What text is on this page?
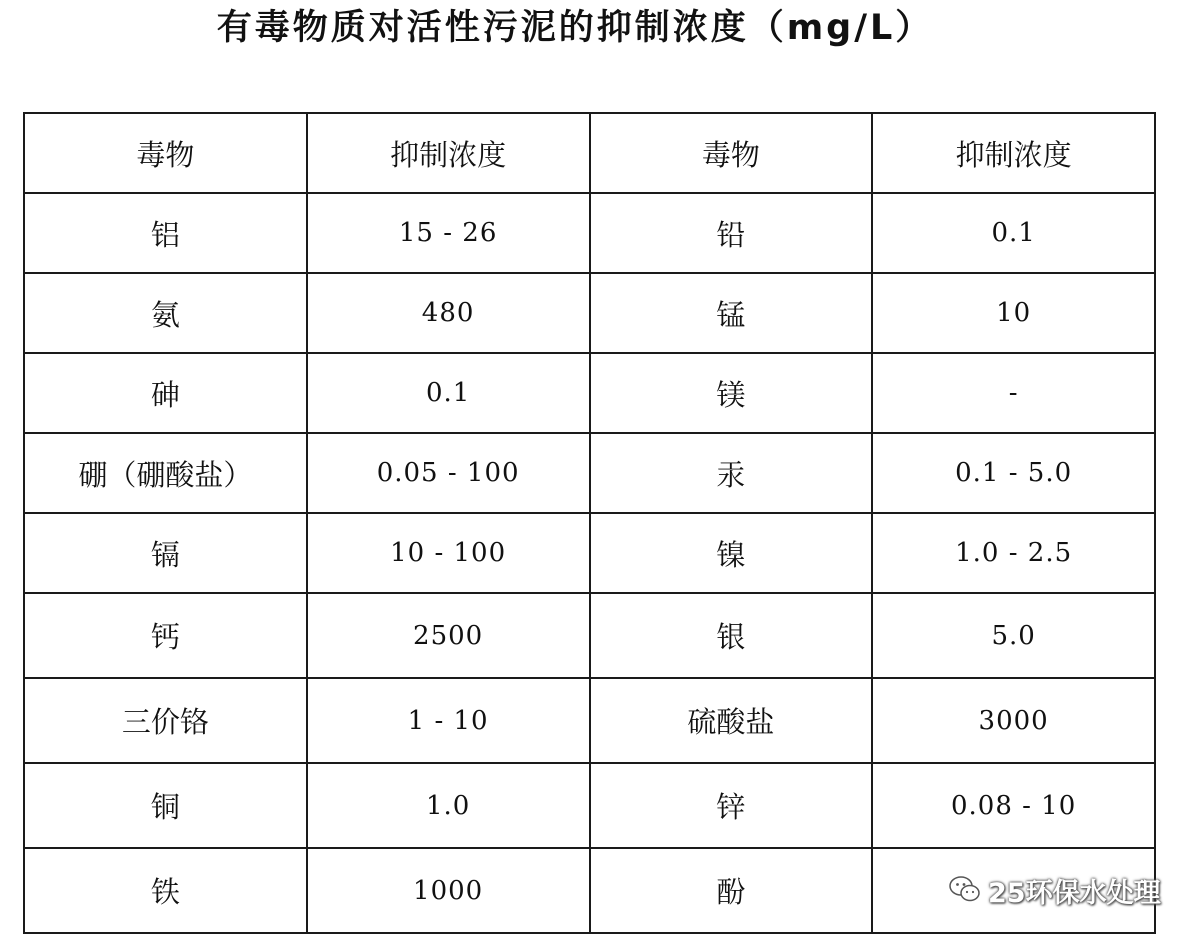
有毒物质对活性污泥的抑制浓度（mg/L）
毒物	抑制浓度	毒物	抑制浓度
铝	15 - 26	铅	0.1
氨	480	锰	10
砷	0.1	镁	-
硼（硼酸盐）	0.05 - 100	汞	0.1 - 5.0
镉	10 - 100	镍	1.0 - 2.5
钙	2500	银	5.0
三价铬	1 - 10	硫酸盐	3000
铜	1.0	锌	0.08 - 10
铁	1000	酚		25环保水处理
